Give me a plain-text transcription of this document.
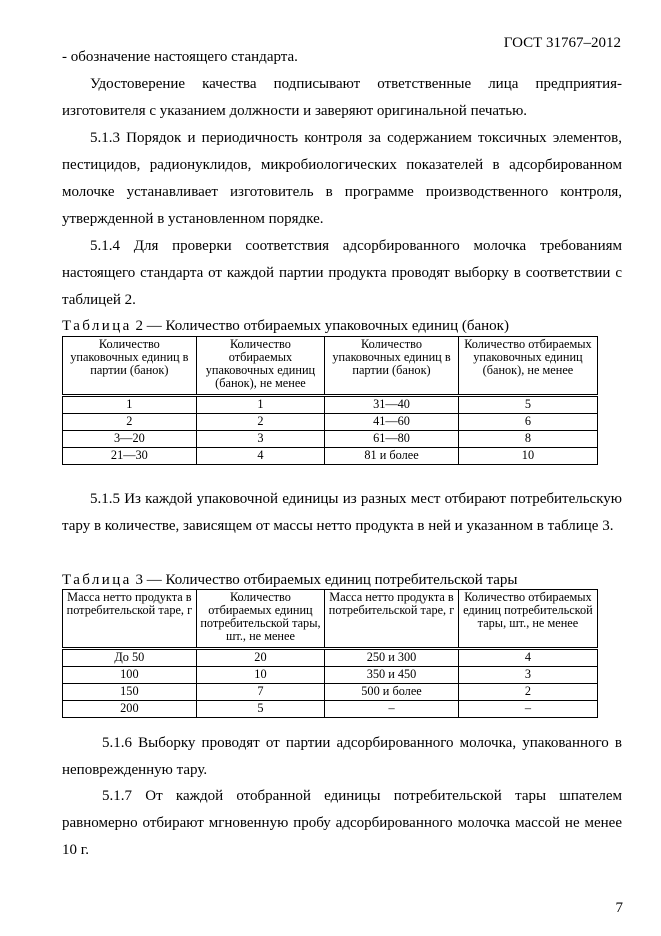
ГОСТ 31767–2012
- обозначение настоящего стандарта.
Удостоверение качества подписывают ответственные лица предприятия-изготовителя с указанием должности и заверяют оригинальной печатью.
5.1.3 Порядок и периодичность контроля за содержанием токсичных элементов, пестицидов, радионуклидов, микробиологических показателей в адсорбированном молочке устанавливает изготовитель в программе производственного контроля, утвержденной в установленном порядке.
5.1.4 Для проверки соответствия адсорбированного молочка требованиям настоящего стандарта от каждой партии продукта проводят выборку в соответствии с таблицей 2.
Таблица 2 — Количество отбираемых упаковочных единиц (банок)
Количество упаковочных единиц в партии (банок)	Количество отбираемых упаковочных единиц (банок), не менее	Количество упаковочных единиц в партии (банок)	Количество отбираемых упаковочных единиц (банок), не менее
1	1	31—40	5
2	2	41—60	6
3—20	3	61—80	8
21—30	4	81 и более	10
5.1.5 Из каждой упаковочной единицы из разных мест отбирают потребительскую тару в количестве, зависящем от массы нетто продукта в ней и указанном в таблице 3.
Таблица 3 — Количество отбираемых единиц потребительской тары
Масса нетто продукта в потребительской таре, г	Количество отбираемых единиц потребительской тары, шт., не менее	Масса нетто продукта в потребительской таре, г	Количество отбираемых единиц потребительской тары, шт., не менее
До 50	20	250 и 300	4
100	10	350 и 450	3
150	7	500 и более	2
200	5	–	–
5.1.6 Выборку проводят от партии адсорбированного молочка, упакованного в неповрежденную тару.
5.1.7 От каждой отобранной единицы потребительской тары шпателем равномерно отбирают мгновенную пробу адсорбированного молочка массой не менее 10 г.
7
